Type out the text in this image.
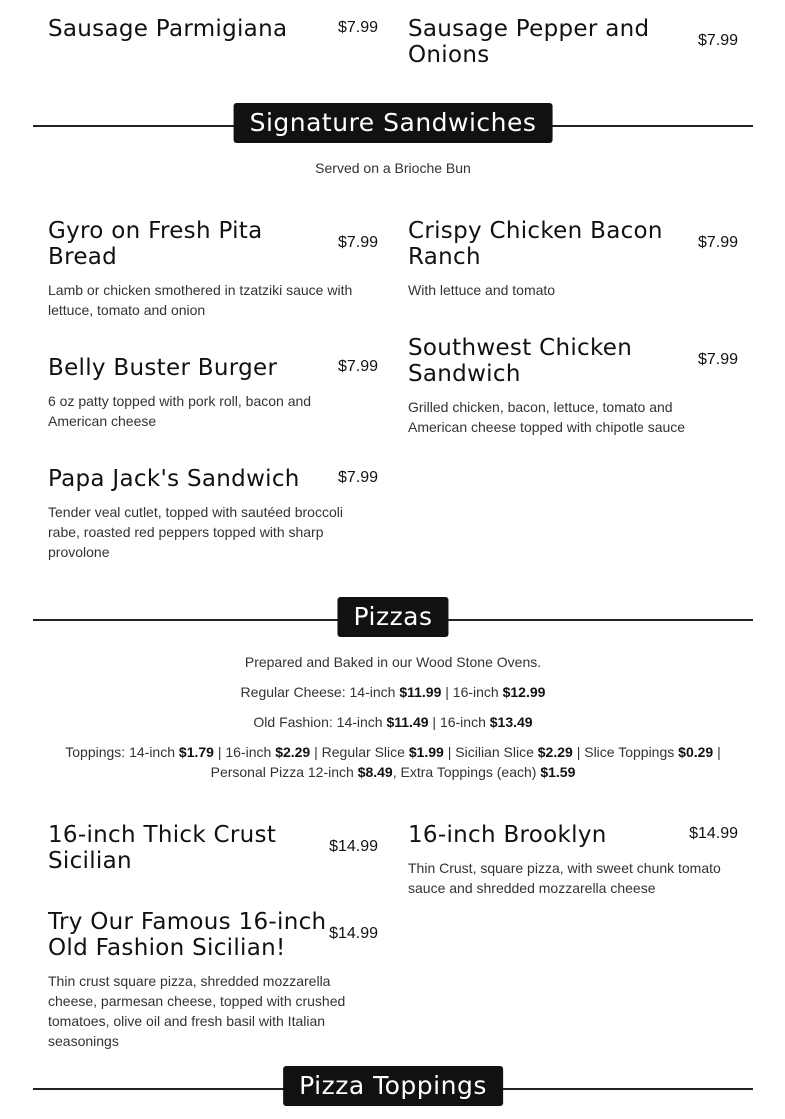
$7.99
Sausage Parmigiana	$7.99
Sausage Pepper and Onions
Signature Sandwiches
Served on a Brioche Bun
$7.99
Gyro on Fresh Pita Bread
Lamb or chicken smothered in tzatziki sauce with lettuce, tomato and onion
$7.99
Crispy Chicken Bacon Ranch
With lettuce and tomato
$7.99
Belly Buster Burger
6 oz patty topped with pork roll, bacon and American cheese
$7.99
Southwest Chicken Sandwich
Grilled chicken, bacon, lettuce, tomato and American cheese topped with chipotle sauce
$7.99
Papa Jack's Sandwich
Tender veal cutlet, topped with sautéed broccoli rabe, roasted red peppers topped with sharp provolone
Pizzas
Prepared and Baked in our Wood Stone Ovens.
Regular Cheese: 14-inch $11.99 | 16-inch $12.99
Old Fashion: 14-inch $11.49 | 16-inch $13.49
Toppings: 14-inch $1.79 | 16-inch $2.29 | Regular Slice $1.99 | Sicilian Slice $2.29 | Slice Toppings $0.29 | Personal Pizza 12-inch $8.49, Extra Toppings (each) $1.59
$14.99
16-inch Thick Crust Sicilian
$14.99
16-inch Brooklyn
Thin Crust, square pizza, with sweet chunk tomato sauce and shredded mozzarella cheese
$14.99
Try Our Famous 16-inch Old Fashion Sicilian!
Thin crust square pizza, shredded mozzarella cheese, parmesan cheese, topped with crushed tomatoes, olive oil and fresh basil with Italian seasonings
Pizza Toppings
